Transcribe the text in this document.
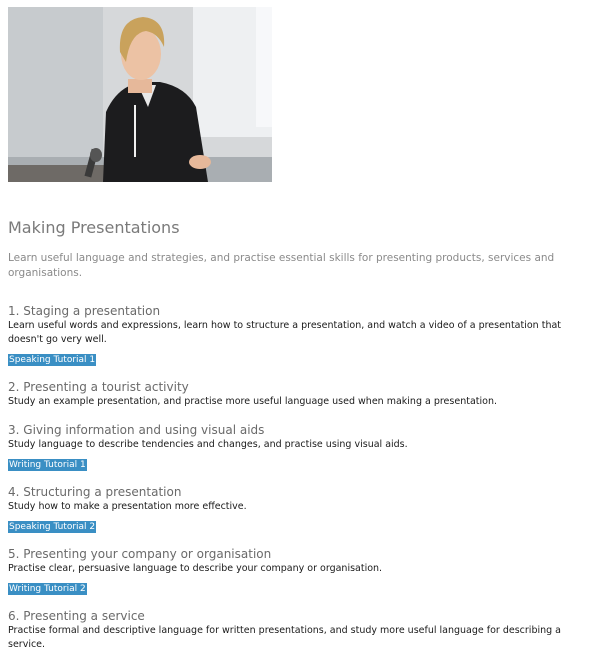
Making Presentations

Learn useful language and strategies, and practise essential skills for presenting products, services and organisations.

1. Staging a presentation

Learn useful words and expressions, learn how to structure a presentation, and watch a video of a presentation that doesn't go very well.

Speaking Tutorial 1

2. Presenting a tourist activity

Study an example presentation, and practise more useful language used when making a presentation.

3. Giving information and using visual aids

Study language to describe tendencies and changes, and practise using visual aids.

Writing Tutorial 1

4. Structuring a presentation

Study how to make a presentation more effective.

Speaking Tutorial 2

5. Presenting your company or organisation

Practise clear, persuasive language to describe your company or organisation.

Writing Tutorial 2

6. Presenting a service

Practise formal and descriptive language for written presentations, and study more useful language for describing a service.
